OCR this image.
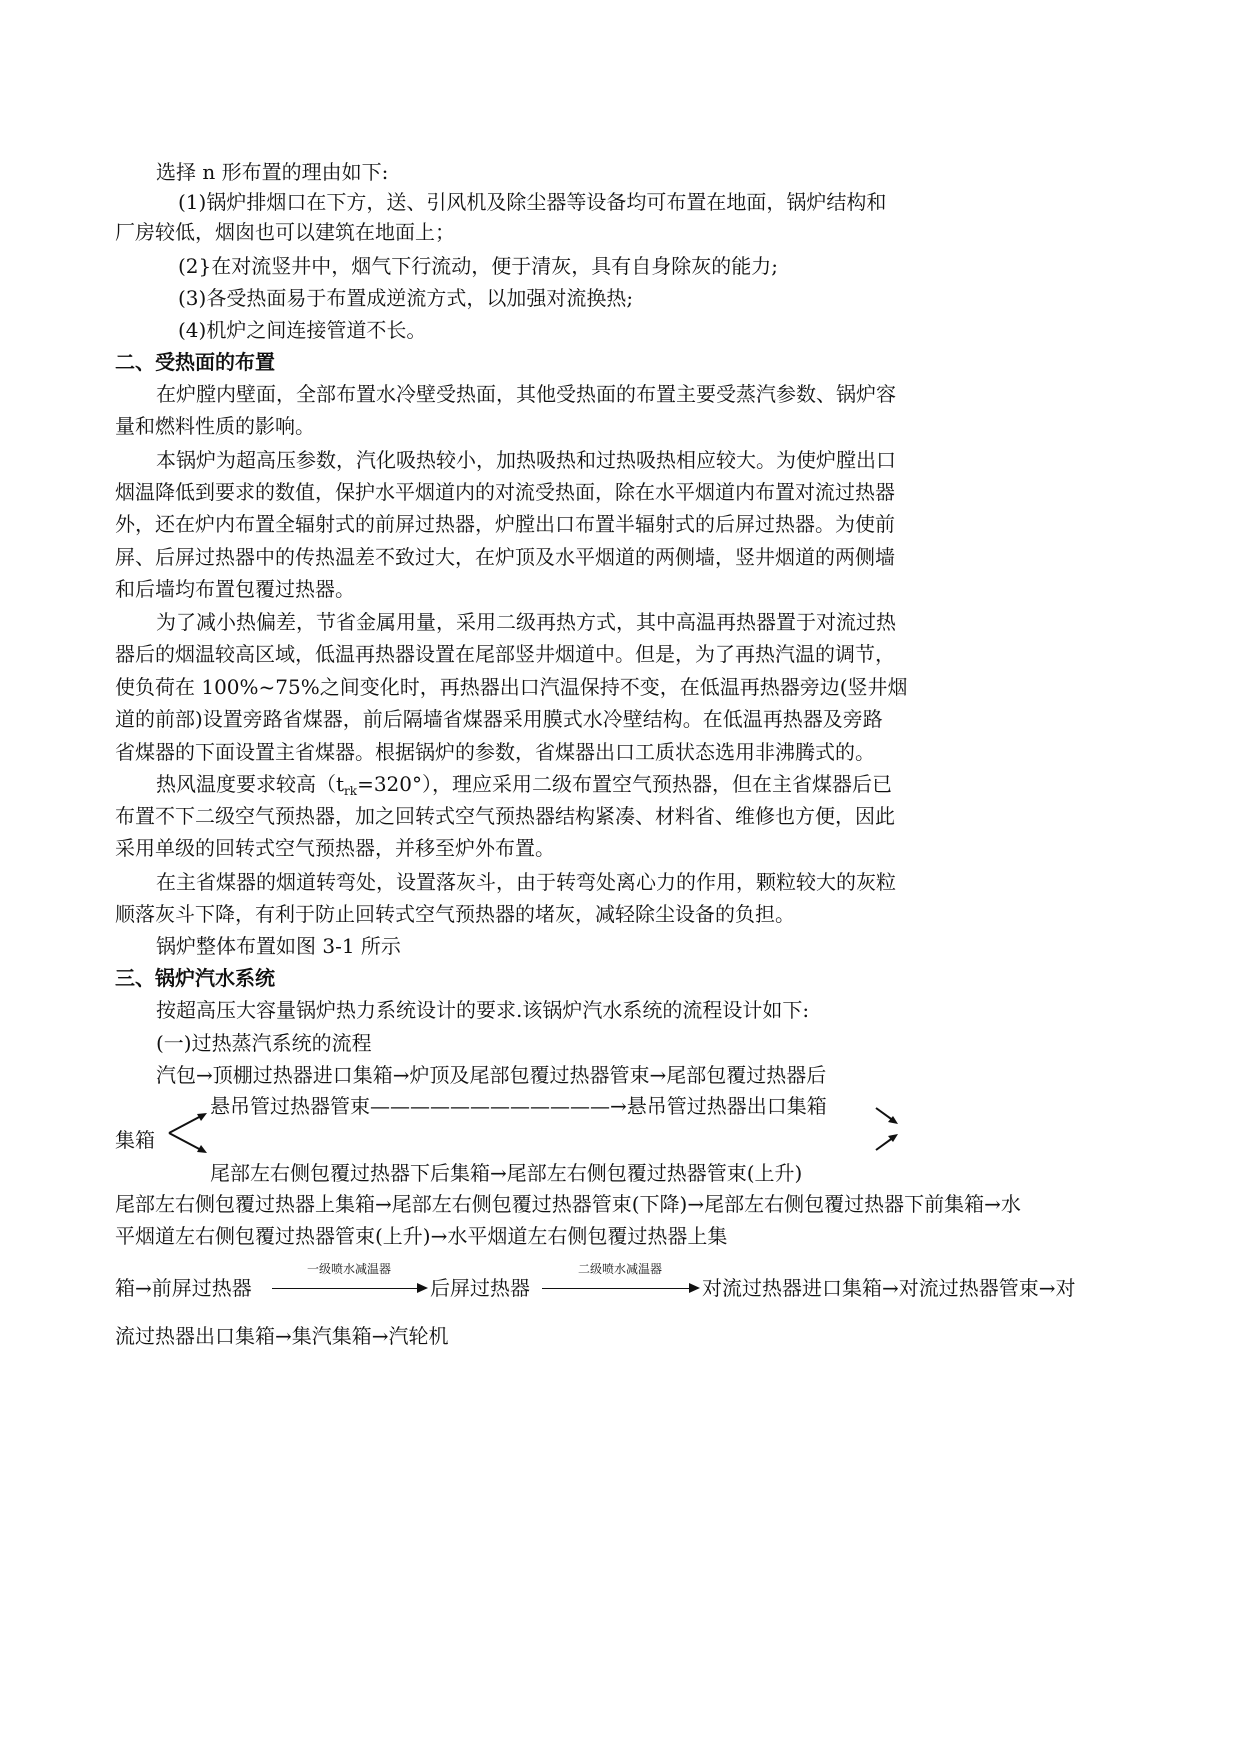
选择 n 形布置的理由如下:
(1)锅炉排烟口在下方，送、引风机及除尘器等设备均可布置在地面，锅炉结构和
厂房较低，烟囱也可以建筑在地面上；
(2}在对流竖井中，烟气下行流动，便于清灰，具有自身除灰的能力;
(3)各受热面易于布置成逆流方式，以加强对流换热;
(4)机炉之间连接管道不长。
二、受热面的布置
在炉膛内壁面，全部布置水冷壁受热面，其他受热面的布置主要受蒸汽参数、锅炉容
量和燃料性质的影响。
本锅炉为超高压参数，汽化吸热较小，加热吸热和过热吸热相应较大。为使炉膛出口
烟温降低到要求的数值，保护水平烟道内的对流受热面，除在水平烟道内布置对流过热器
外，还在炉内布置全辐射式的前屏过热器，炉膛出口布置半辐射式的后屏过热器。为使前
屏、后屏过热器中的传热温差不致过大，在炉顶及水平烟道的两侧墙，竖井烟道的两侧墙
和后墙均布置包覆过热器。
为了减小热偏差，节省金属用量，采用二级再热方式，其中高温再热器置于对流过热
器后的烟温较高区域，低温再热器设置在尾部竖井烟道中。但是，为了再热汽温的调节，
使负荷在 100%~75%之间变化时，再热器出口汽温保持不变，在低温再热器旁边(竖井烟
道的前部)设置旁路省煤器，前后隔墙省煤器采用膜式水冷壁结构。在低温再热器及旁路
省煤器的下面设置主省煤器。根据锅炉的参数，省煤器出口工质状态选用非沸腾式的。
热风温度要求较高$(t_{rk}=320^\circ)$，理应采用二级布置空气预热器，但在主省煤器后已
布置不下二级空气预热器，加之回转式空气预热器结构紧凑、材料省、维修也方便，因此
采用单级的回转式空气预热器，并移至炉外布置。
在主省煤器的烟道转弯处，设置落灰斗，由于转弯处离心力的作用，颗粒较大的灰粒
顺落灰斗下降，有利于防止回转式空气预热器的堵灰，减轻除尘设备的负担。
锅炉整体布置如图 3-1 所示
三、锅炉汽水系统
按超高压大容量锅炉热力系统设计的要求.该锅炉汽水系统的流程设计如下:
(一)过热蒸汽系统的流程
汽包→顶棚过热器进口集箱→炉顶及尾部包覆过热器管束→尾部包覆过热器后
悬吊管过热器管束————————————→悬吊管过热器出口集箱
集箱
尾部左右侧包覆过热器下后集箱→尾部左右侧包覆过热器管束(上升)
尾部左右侧包覆过热器上集箱→尾部左右侧包覆过热器管束(下降)→尾部左右侧包覆过热器下前集箱→水
平烟道左右侧包覆过热器管束(上升)→水平烟道左右侧包覆过热器上集
箱→前屏过热器
一级喷水减温器
后屏过热器
二级喷水减温器
对流过热器进口集箱→对流过热器管束→对
流过热器出口集箱→集汽集箱→汽轮机
